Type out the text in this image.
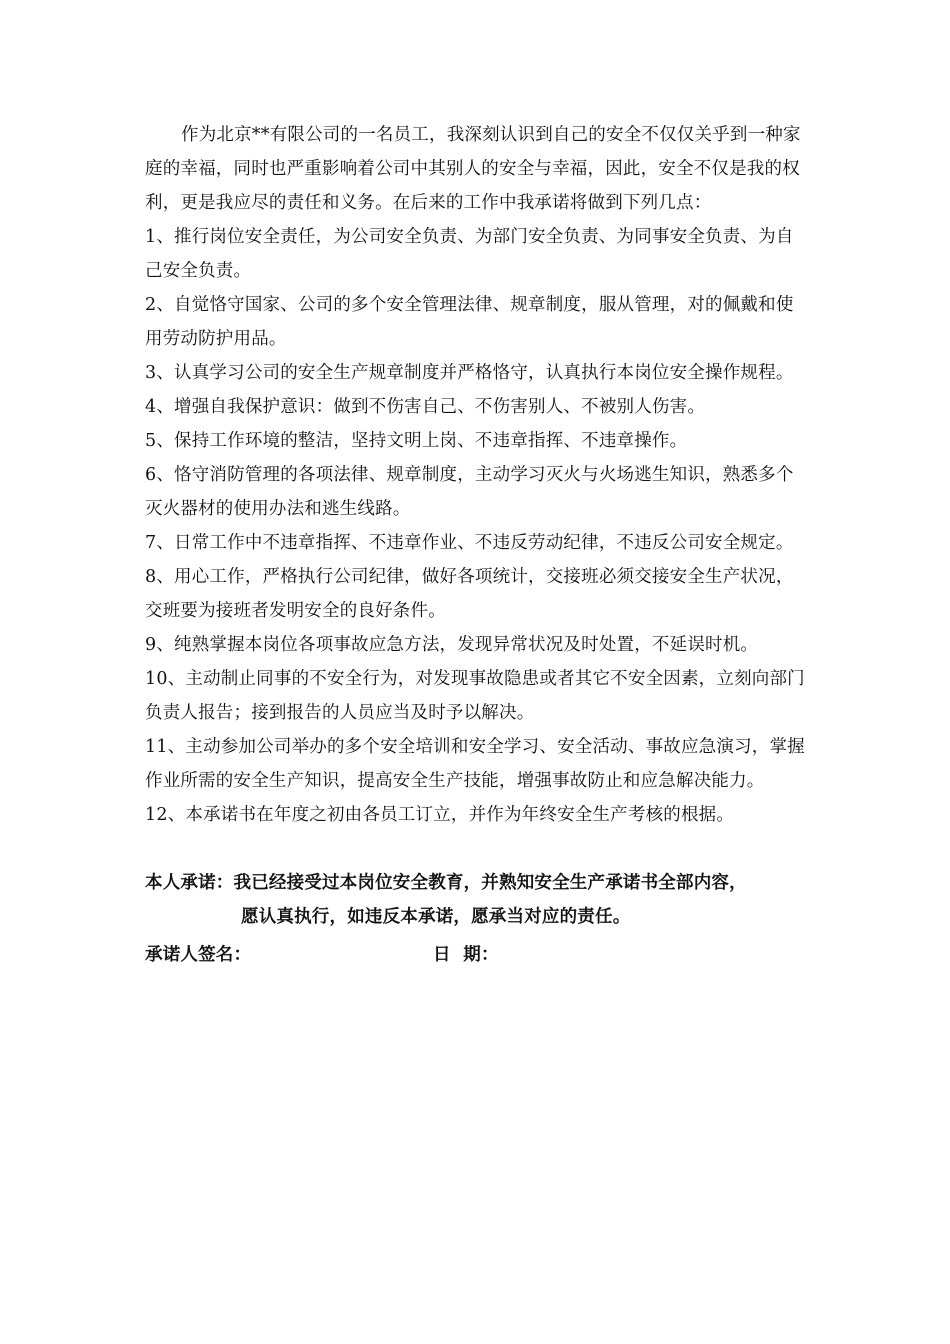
作为北京**有限公司的一名员工，我深刻认识到自己的安全不仅仅关乎到一种家庭的幸福，同时也严重影响着公司中其别人的安全与幸福，因此，安全不仅是我的权利，更是我应尽的责任和义务。在后来的工作中我承诺将做到下列几点：

1、推行岗位安全责任，为公司安全负责、为部门安全负责、为同事安全负责、为自己安全负责。
2、自觉恪守国家、公司的多个安全管理法律、规章制度，服从管理，对的佩戴和使用劳动防护用品。
3、认真学习公司的安全生产规章制度并严格恪守，认真执行本岗位安全操作规程。
4、增强自我保护意识：做到不伤害自己、不伤害别人、不被别人伤害。
5、保持工作环境的整洁，坚持文明上岗、不违章指挥、不违章操作。
6、恪守消防管理的各项法律、规章制度，主动学习灭火与火场逃生知识，熟悉多个灭火器材的使用办法和逃生线路。
7、日常工作中不违章指挥、不违章作业、不违反劳动纪律，不违反公司安全规定。
8、用心工作，严格执行公司纪律，做好各项统计，交接班必须交接安全生产状况，交班要为接班者发明安全的良好条件。
9、纯熟掌握本岗位各项事故应急方法，发现异常状况及时处置，不延误时机。
10、主动制止同事的不安全行为，对发现事故隐患或者其它不安全因素，立刻向部门负责人报告；接到报告的人员应当及时予以解决。
11、主动参加公司举办的多个安全培训和安全学习、安全活动、事故应急演习，掌握作业所需的安全生产知识，提高安全生产技能，增强事故防止和应急解决能力。
12、本承诺书在年度之初由各员工订立，并作为年终安全生产考核的根据。
本人承诺：我已经接受过本岗位安全教育，并熟知安全生产承诺书全部内容，
愿认真执行，如违反本承诺，愿承当对应的责任。
承诺人签名：	日  期：
